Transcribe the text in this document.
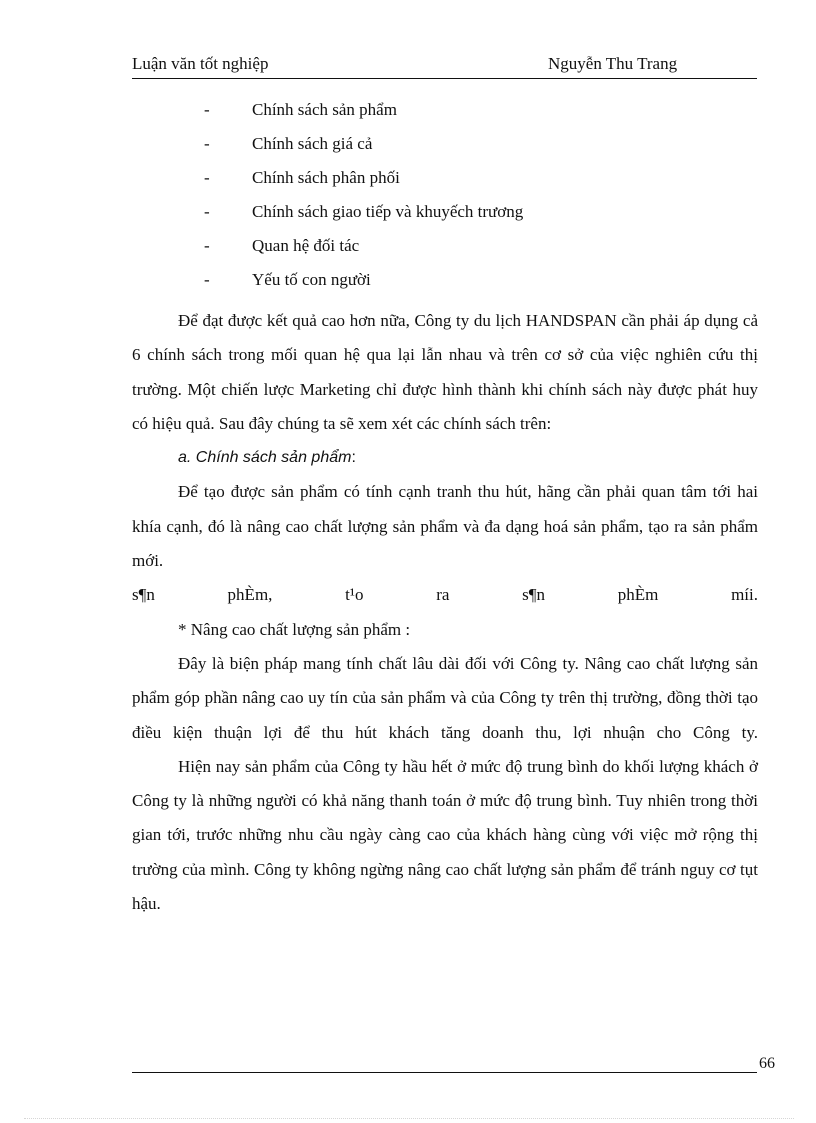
Luận văn tốt nghiệp	Nguyễn Thu Trang
- Chính sách sản phẩm
- Chính sách giá cả
- Chính sách phân phối
- Chính sách giao tiếp và khuyếch trương
- Quan hệ đối tác
- Yếu tố con người

Để đạt được kết quả cao hơn nữa, Công ty du lịch HANDSPAN cần phải áp dụng cả 6 chính sách trong mối quan hệ qua lại lẫn nhau và trên cơ sở của việc nghiên cứu thị trường. Một chiến lược Marketing chỉ được hình thành khi chính sách này được phát huy có hiệu quả. Sau đây chúng ta sẽ xem xét các chính sách trên:

a. Chính sách sản phẩm:

Để tạo được sản phẩm có tính cạnh tranh thu hút, hãng cần phải quan tâm tới hai khía cạnh, đó là nâng cao chất lượng sản phẩm và đa dạng hoá sản phẩm, tạo ra sản phẩm mới.

s¶n phÈm, t¹o ra s¶n phÈm míi.

* Nâng cao chất lượng sản phẩm :

Đây là biện pháp mang tính chất lâu dài đối với Công ty. Nâng cao chất lượng sản phẩm góp phần nâng cao uy tín của sản phẩm và của Công ty trên thị trường, đồng thời tạo điều kiện thuận lợi để thu hút khách tăng doanh thu, lợi nhuận cho Công ty.

Hiện nay sản phẩm của Công ty hầu hết ở mức độ trung bình do khối lượng khách ở Công ty là những người có khả năng thanh toán ở mức độ trung bình. Tuy nhiên trong thời gian tới, trước những nhu cầu ngày càng cao của khách hàng cùng với việc mở rộng thị trường của mình. Công ty không ngừng nâng cao chất lượng sản phẩm để tránh nguy cơ tụt hậu.

66
